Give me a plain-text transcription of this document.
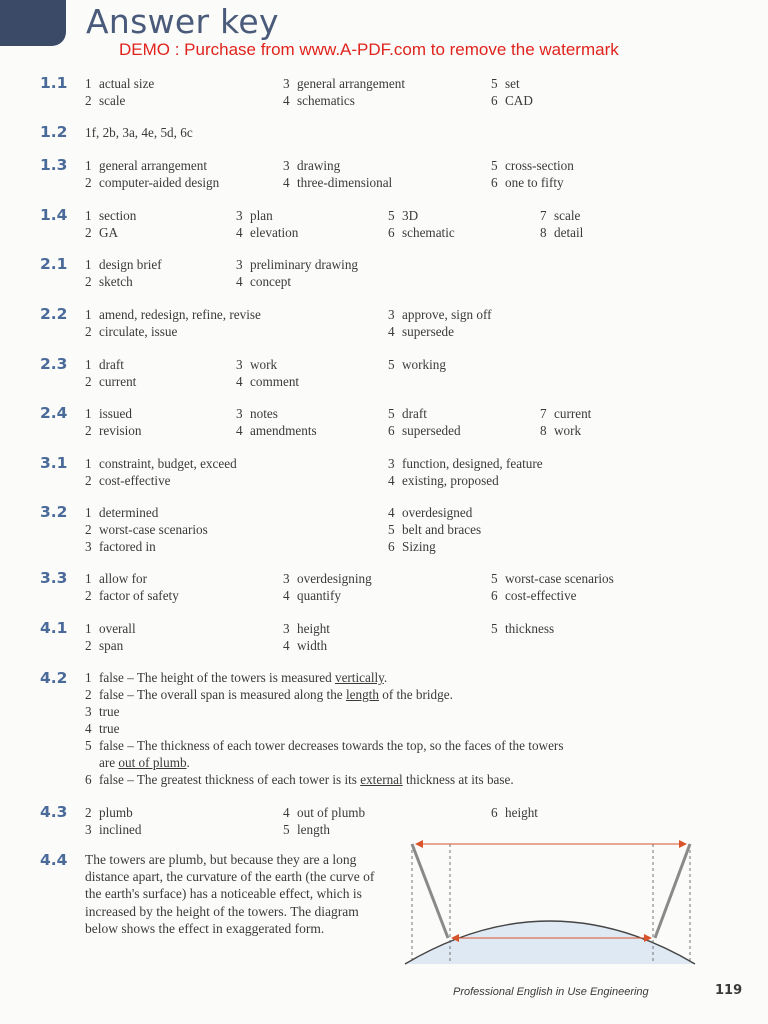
Answer key
DEMO : Purchase from www.A-PDF.com to remove the watermark
1.1 1 actual size
2 scale
3 general arrangement
4 schematics
5 set
6 CAD
1.2 1f, 2b, 3a, 4e, 5d, 6c
1.3 1 general arrangement
2 computer-aided design
3 drawing
4 three-dimensional
5 cross-section
6 one to fifty
1.4 1 section
2 GA
3 plan
4 elevation
5 3D
6 schematic
7 scale
8 detail
2.1 1 design brief
2 sketch
3 preliminary drawing
4 concept
2.2 1 amend, redesign, refine, revise
2 circulate, issue
3 approve, sign off
4 supersede
2.3 1 draft
2 current
3 work
4 comment
5 working
2.4 1 issued
2 revision
3 notes
4 amendments
5 draft
6 superseded
7 current
8 work
3.1 1 constraint, budget, exceed
2 cost-effective
3 function, designed, feature
4 existing, proposed
3.2 1 determined
2 worst-case scenarios
3 factored in
4 overdesigned
5 belt and braces
6 Sizing
3.3 1 allow for
2 factor of safety
3 overdesigning
4 quantify
5 worst-case scenarios
6 cost-effective
4.1 1 overall
2 span
3 height
4 width
5 thickness
4.2 1 false – The height of the towers is measured vertically.
2 false – The overall span is measured along the length of the bridge.
3 true
4 true
5 false – The thickness of each tower decreases towards the top, so the faces of the towers
are out of plumb.
6 false – The greatest thickness of each tower is its external thickness at its base.
4.3 2 plumb
3 inclined
4 out of plumb
5 length
6 height
4.4 The towers are plumb, but because they are a long distance apart, the curvature of the earth (the curve of the earth's surface) has a noticeable effect, which is increased by the height of the towers. The diagram below shows the effect in exaggerated form.
Professional English in Use Engineering	119
